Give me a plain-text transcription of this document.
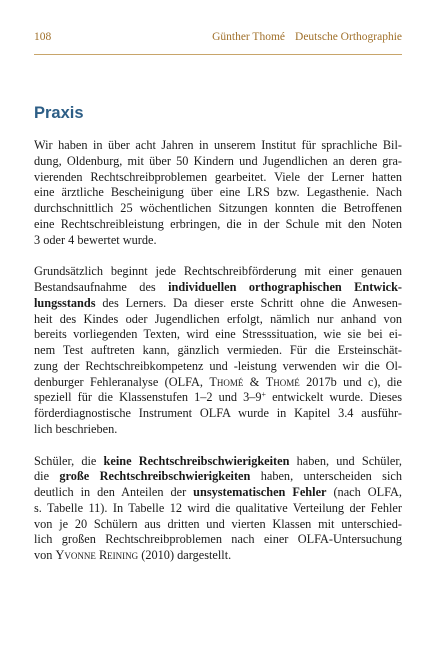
108	Günther Thomé Deutsche Orthographie
Praxis

Wir haben in über acht Jahren in unserem Institut für sprachliche Bil-
dung, Oldenburg, mit über 50 Kindern und Jugendlichen an deren gra-
vierenden Rechtschreibproblemen gearbeitet. Viele der Lerner hatten
eine ärztliche Bescheinigung über eine LRS bzw. Legasthenie. Nach
durchschnittlich 25 wöchentlichen Sitzungen konnten die Betroffenen
eine Rechtschreibleistung erbringen, die in der Schule mit den Noten
3 oder 4 bewertet wurde.

Grundsätzlich beginnt jede Rechtschreibförderung mit einer genauen
Bestandsaufnahme des individuellen orthographischen Entwick-
lungsstands des Lerners. Da dieser erste Schritt ohne die Anwesen-
heit des Kindes oder Jugendlichen erfolgt, nämlich nur anhand von
bereits vorliegenden Texten, wird eine Stresssituation, wie sie bei ei-
nem Test auftreten kann, gänzlich vermieden. Für die Ersteinschät-
zung der Rechtschreibkompetenz und -leistung verwenden wir die Ol-
denburger Fehleranalyse (OLFA, Thomé & Thomé 2017b und c), die
speziell für die Klassenstufen 1–2 und 3–9+ entwickelt wurde. Dieses
förderdiagnostische Instrument OLFA wurde in Kapitel 3.4 ausführ-
lich beschrieben.

Schüler, die keine Rechtschreibschwierigkeiten haben, und Schüler,
die große Rechtschreibschwierigkeiten haben, unterscheiden sich
deutlich in den Anteilen der unsystematischen Fehler (nach OLFA,
s. Tabelle 11). In Tabelle 12 wird die qualitative Verteilung der Fehler
von je 20 Schülern aus dritten und vierten Klassen mit unterschied-
lich großen Rechtschreibproblemen nach einer OLFA-Untersuchung
von Yvonne Reining (2010) dargestellt.
